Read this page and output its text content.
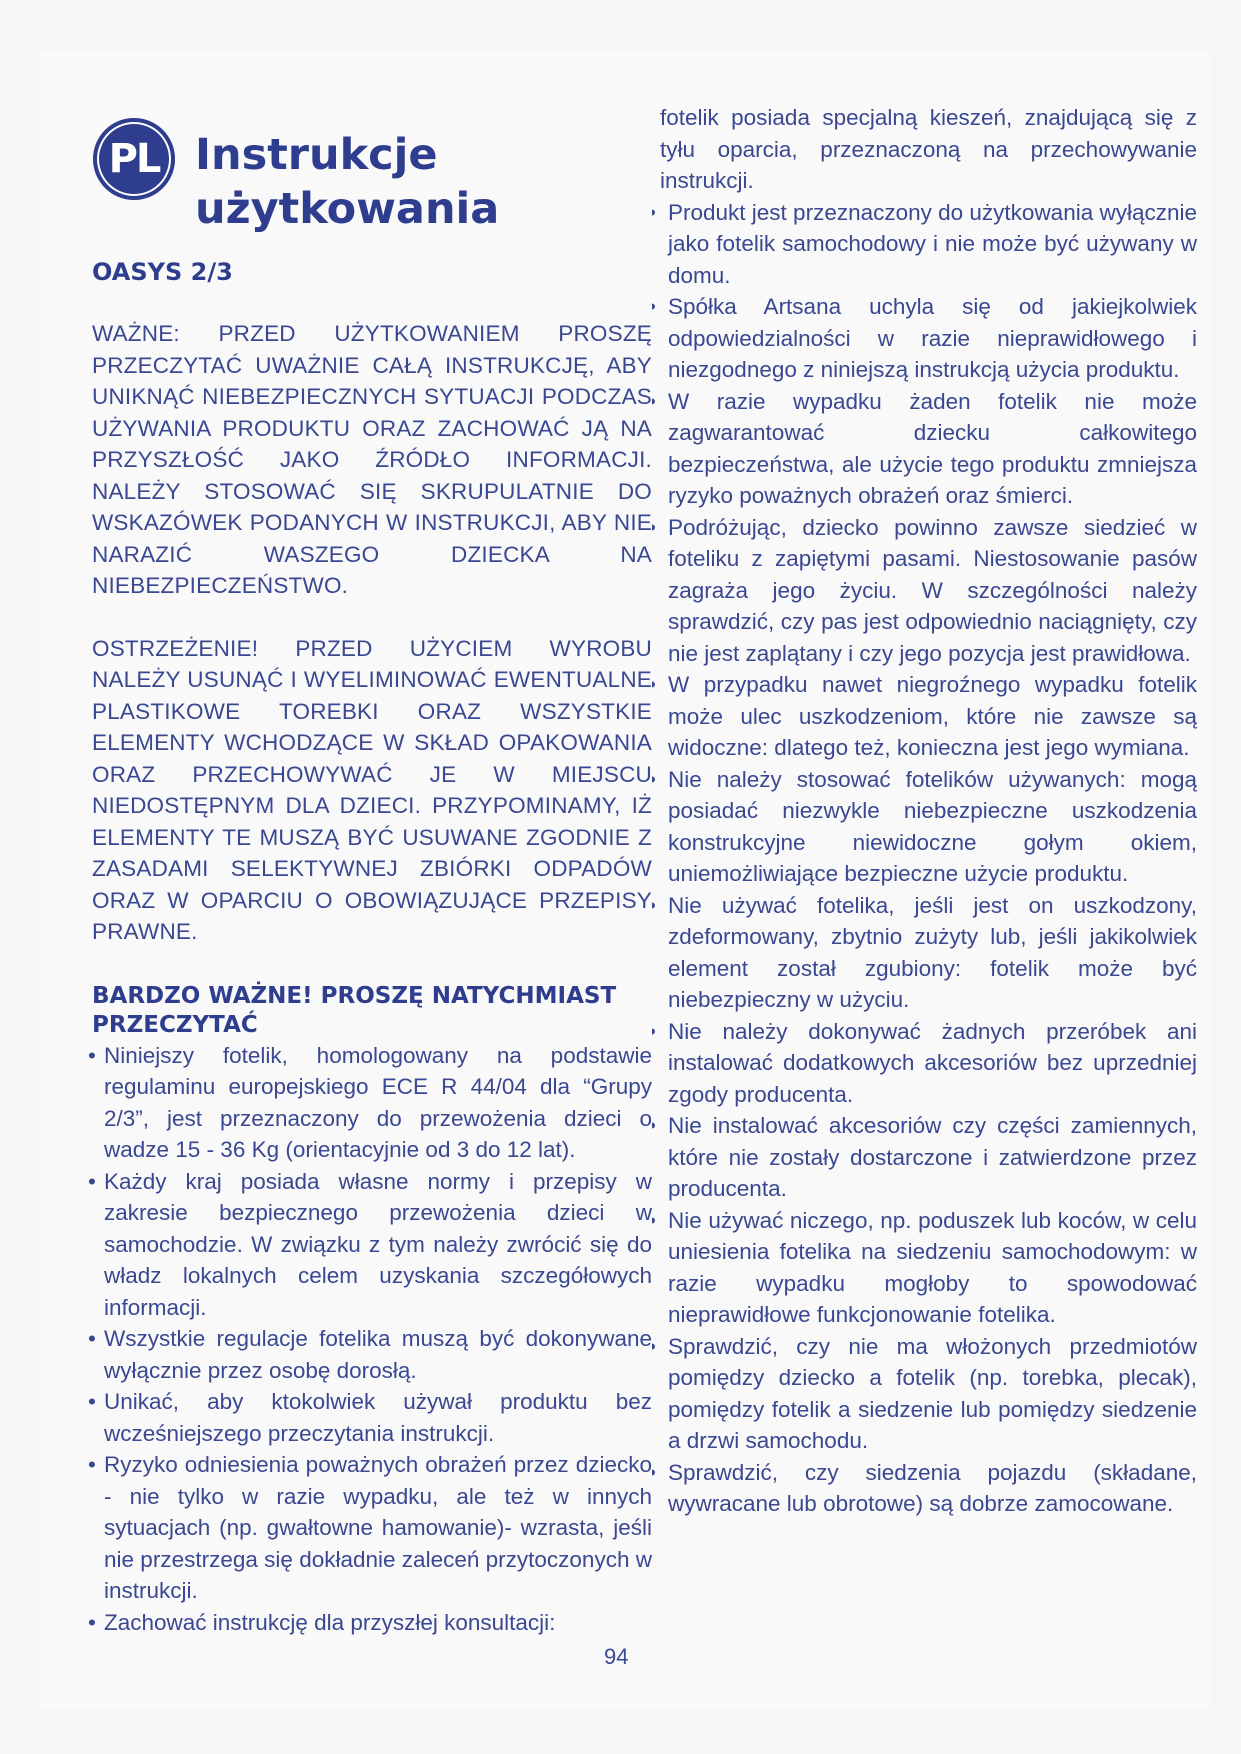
PL Instrukcje użytkowania
OASYS 2/3

WAŻNE: PRZED UŻYTKOWANIEM PROSZĘ PRZECZYTAĆ UWAŻNIE CAŁĄ INSTRUKCJĘ, ABY UNIKNĄĆ NIEBEZPIECZNYCH SYTUACJI PODCZAS UŻYWANIA PRODUKTU ORAZ ZACHOWAĆ JĄ NA PRZYSZŁOŚĆ JAKO ŹRÓDŁO INFORMACJI. NALEŻY STOSOWAĆ SIĘ SKRUPULATNIE DO WSKAZÓWEK PODANYCH W INSTRUKCJI, ABY NIE NARAZIĆ WASZEGO DZIECKA NA NIEBEZPIECZEŃSTWO.

OSTRZEŻENIE! PRZED UŻYCIEM WYROBU NALEŻY USUNĄĆ I WYELIMINOWAĆ EWENTUALNE PLASTIKOWE TOREBKI ORAZ WSZYSTKIE ELEMENTY WCHODZĄCE W SKŁAD OPAKOWANIA ORAZ PRZECHOWYWAĆ JE W MIEJSCU NIEDOSTĘPNYM DLA DZIECI. PRZYPOMINAMY, IŻ ELEMENTY TE MUSZĄ BYĆ USUWANE ZGODNIE Z ZASADAMI SELEKTYWNEJ ZBIÓRKI ODPADÓW ORAZ W OPARCIU O OBOWIĄZUJĄCE PRZEPISY PRAWNE.

BARDZO WAŻNE! PROSZĘ NATYCHMIAST PRZECZYTAĆ

• Niniejszy fotelik, homologowany na podstawie regulaminu europejskiego ECE R 44/04 dla “Grupy 2/3”, jest przeznaczony do przewożenia dzieci o wadze 15 - 36 Kg (orientacyjnie od 3 do 12 lat).
• Każdy kraj posiada własne normy i przepisy w zakresie bezpiecznego przewożenia dzieci w samochodzie. W związku z tym należy zwrócić się do władz lokalnych celem uzyskania szczegółowych informacji.
• Wszystkie regulacje fotelika muszą być dokonywane wyłącznie przez osobę dorosłą.
• Unikać, aby ktokolwiek używał produktu bez wcześniejszego przeczytania instrukcji.
• Ryzyko odniesienia poważnych obrażeń przez dziecko - nie tylko w razie wypadku, ale też w innych sytuacjach (np. gwałtowne hamowanie)- wzrasta, jeśli nie przestrzega się dokładnie zaleceń przytoczonych w instrukcji.
• Zachować instrukcję dla przyszłej konsultacji:

fotelik posiada specjalną kieszeń, znajdującą się z tyłu oparcia, przeznaczoną na przechowywanie instrukcji.

• Produkt jest przeznaczony do użytkowania wyłącznie jako fotelik samochodowy i nie może być używany w domu.
• Spółka Artsana uchyla się od jakiejkolwiek odpowiedzialności w razie nieprawidłowego i niezgodnego z niniejszą instrukcją użycia produktu.
• W razie wypadku żaden fotelik nie może zagwarantować dziecku całkowitego bezpieczeństwa, ale użycie tego produktu zmniejsza ryzyko poważnych obrażeń oraz śmierci.
• Podróżując, dziecko powinno zawsze siedzieć w foteliku z zapiętymi pasami. Niestosowanie pasów zagraża jego życiu. W szczególności należy sprawdzić, czy pas jest odpowiednio naciągnięty, czy nie jest zaplątany i czy jego pozycja jest prawidłowa.
• W przypadku nawet niegroźnego wypadku fotelik może ulec uszkodzeniom, które nie zawsze są widoczne: dlatego też, konieczna jest jego wymiana.
• Nie należy stosować fotelików używanych: mogą posiadać niezwykle niebezpieczne uszkodzenia konstrukcyjne niewidoczne gołym okiem, uniemożliwiające bezpieczne użycie produktu.
• Nie używać fotelika, jeśli jest on uszkodzony, zdeformowany, zbytnio zużyty lub, jeśli jakikolwiek element został zgubiony: fotelik może być niebezpieczny w użyciu.
• Nie należy dokonywać żadnych przeróbek ani instalować dodatkowych akcesoriów bez uprzedniej zgody producenta.
• Nie instalować akcesoriów czy części zamiennych, które nie zostały dostarczone i zatwierdzone przez producenta.
• Nie używać niczego, np. poduszek lub koców, w celu uniesienia fotelika na siedzeniu samochodowym: w razie wypadku mogłoby to spowodować nieprawidłowe funkcjonowanie fotelika.
• Sprawdzić, czy nie ma włożonych przedmiotów pomiędzy dziecko a fotelik (np. torebka, plecak), pomiędzy fotelik a siedzenie lub pomiędzy siedzenie a drzwi samochodu.
• Sprawdzić, czy siedzenia pojazdu (składane, wywracane lub obrotowe) są dobrze zamocowane.
94
